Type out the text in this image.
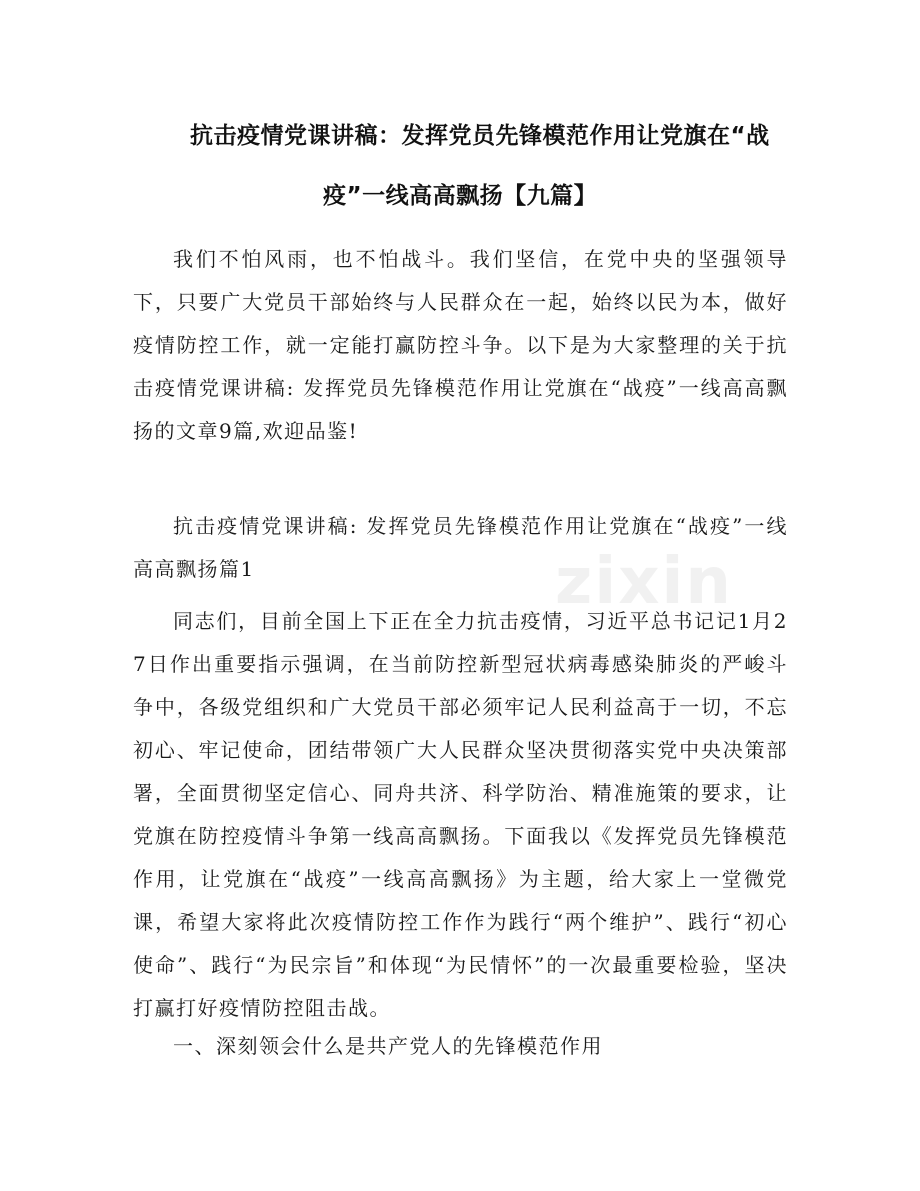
zixin
抗击疫情党课讲稿：发挥党员先锋模范作用让党旗在“战
疫”一线高高飘扬【九篇】
我们不怕风雨，也不怕战斗。我们坚信，在党中央的坚强领导下，只要广大党员干部始终与人民群众在一起，始终以民为本，做好疫情防控工作，就一定能打赢防控斗争。以下是为大家整理的关于抗击疫情党课讲稿: 发挥党员先锋模范作用让党旗在“战疫”一线高高飘扬的文章9篇,欢迎品鉴!
抗击疫情党课讲稿: 发挥党员先锋模范作用让党旗在“战疫”一线高高飘扬篇1
同志们，目前全国上下正在全力抗击疫情，习近平总书记记1月27日作出重要指示强调，在当前防控新型冠状病毒感染肺炎的严峻斗争中，各级党组织和广大党员干部必须牢记人民利益高于一切，不忘初心、牢记使命，团结带领广大人民群众坚决贯彻落实党中央决策部署，全面贯彻坚定信心、同舟共济、科学防治、精准施策的要求，让党旗在防控疫情斗争第一线高高飘扬。下面我以《发挥党员先锋模范作用，让党旗在“战疫”一线高高飘扬》为主题，给大家上一堂微党课，希望大家将此次疫情防控工作作为践行“两个维护”、践行“初心使命”、践行“为民宗旨”和体现“为民情怀”的一次最重要检验，坚决打赢打好疫情防控阻击战。
一、深刻领会什么是共产党人的先锋模范作用
